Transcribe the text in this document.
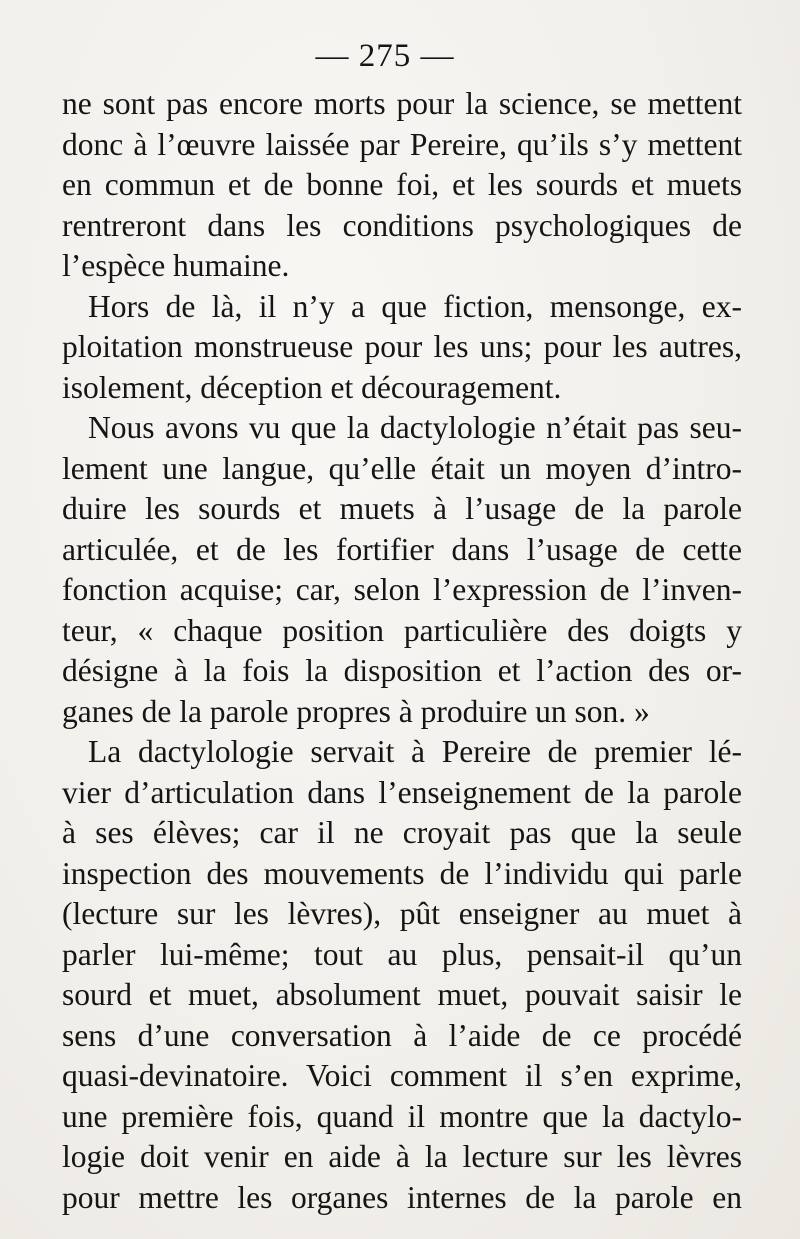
— 275 —
ne sont pas encore morts pour la science, se mettent
donc à l’œuvre laissée par Pereire, qu’ils s’y mettent
en commun et de bonne foi, et les sourds et muets
rentreront dans les conditions psychologiques de
l’espèce humaine.
Hors de là, il n’y a que fiction, mensonge, ex-
ploitation monstrueuse pour les uns; pour les autres,
isolement, déception et découragement.
Nous avons vu que la dactylologie n’était pas seu-
lement une langue, qu’elle était un moyen d’intro-
duire les sourds et muets à l’usage de la parole
articulée, et de les fortifier dans l’usage de cette
fonction acquise; car, selon l’expression de l’inven-
teur, « chaque position particulière des doigts y
désigne à la fois la disposition et l’action des or-
ganes de la parole propres à produire un son. »
La dactylologie servait à Pereire de premier lé-
vier d’articulation dans l’enseignement de la parole
à ses élèves; car il ne croyait pas que la seule
inspection des mouvements de l’individu qui parle
(lecture sur les lèvres), pût enseigner au muet à
parler lui-même; tout au plus, pensait-il qu’un
sourd et muet, absolument muet, pouvait saisir le
sens d’une conversation à l’aide de ce procédé
quasi-devinatoire. Voici comment il s’en exprime,
une première fois, quand il montre que la dactylo-
logie doit venir en aide à la lecture sur les lèvres
pour mettre les organes internes de la parole en
